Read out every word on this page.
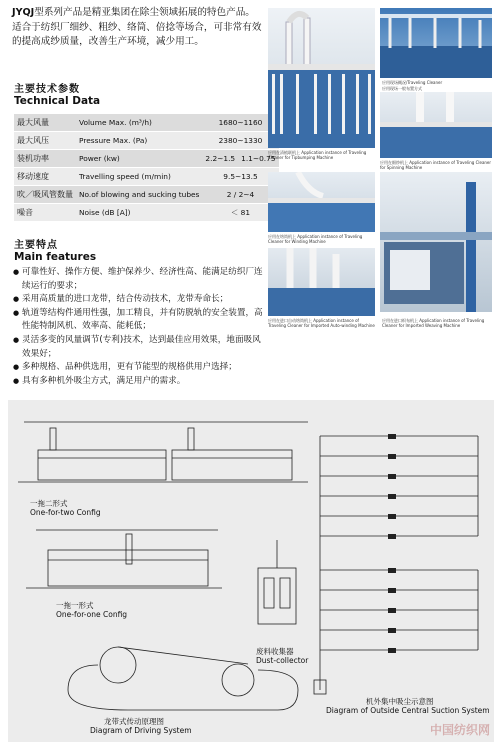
JYQJ型系列产品是精亚集团在除尘领域拓展的特色产品。适合于纺织厂细纱、粗纱、络筒、倍捻等场合，可非常有效的提高成纱质量，改善生产环境，减少用工。
主要技术参数
Technical Data
最大风量	Volume Max. (m³/h)	1680~1160	
最大风压	Pressure Max. (Pa)	2380~1330	
装机功率	Power (kw)	2.2~1.5	1.1~0.75
移动速度	Travelling speed (m/min)	9.5~13.5	
吹／吸风管数量	No.of blowing and sucking tubes	2 / 2~4	
噪音	Noise (dB [A])	＜ 81	
主要特点
Main features
● 可靠性好、操作方便、维护保养少、经济性高、能满足纺织厂连续运行的要求；
● 采用高质量的进口龙带，结合传动技术，龙带寿命长；
● 轨道等结构件通用性强，加工精良，并有防脱轨的安全装置，高性能特制风机、效率高、能耗低；
● 灵活多变的风量调节(专利)技术，达到最佳应用效果，地面吸风效果好；
● 多种规格、品种供选用，更有节能型的规格供用户选择；
● 具有多种机外吸尘方式，满足用户的需求。
应用现场概况/Traveling Cleaner
应用现场一般布置方式
应用在清梳联机上 Application instance of Traveling Cleaner for Tipbumping Machine
应用在细纱机上 Application instance of Traveling Cleaner for Spinning Machine
应用在络筒机上 Application instance of Traveling Cleaner for Winding Machine
应用在进口自动络筒机上 Application instance of Traveling Cleaner for Imported Auto-winding Machine
应用在进口织布机上 Application instance of Traveling Cleaner for Imported Weaving Machine
一拖二形式
One-for-two Config
一拖一形式
One-for-one Config
废料收集器
Dust-collector
龙带式传动原理图
Diagram of Driving System
机外集中吸尘示意图
Diagram of Outside Central Suction System
中国纺织网
